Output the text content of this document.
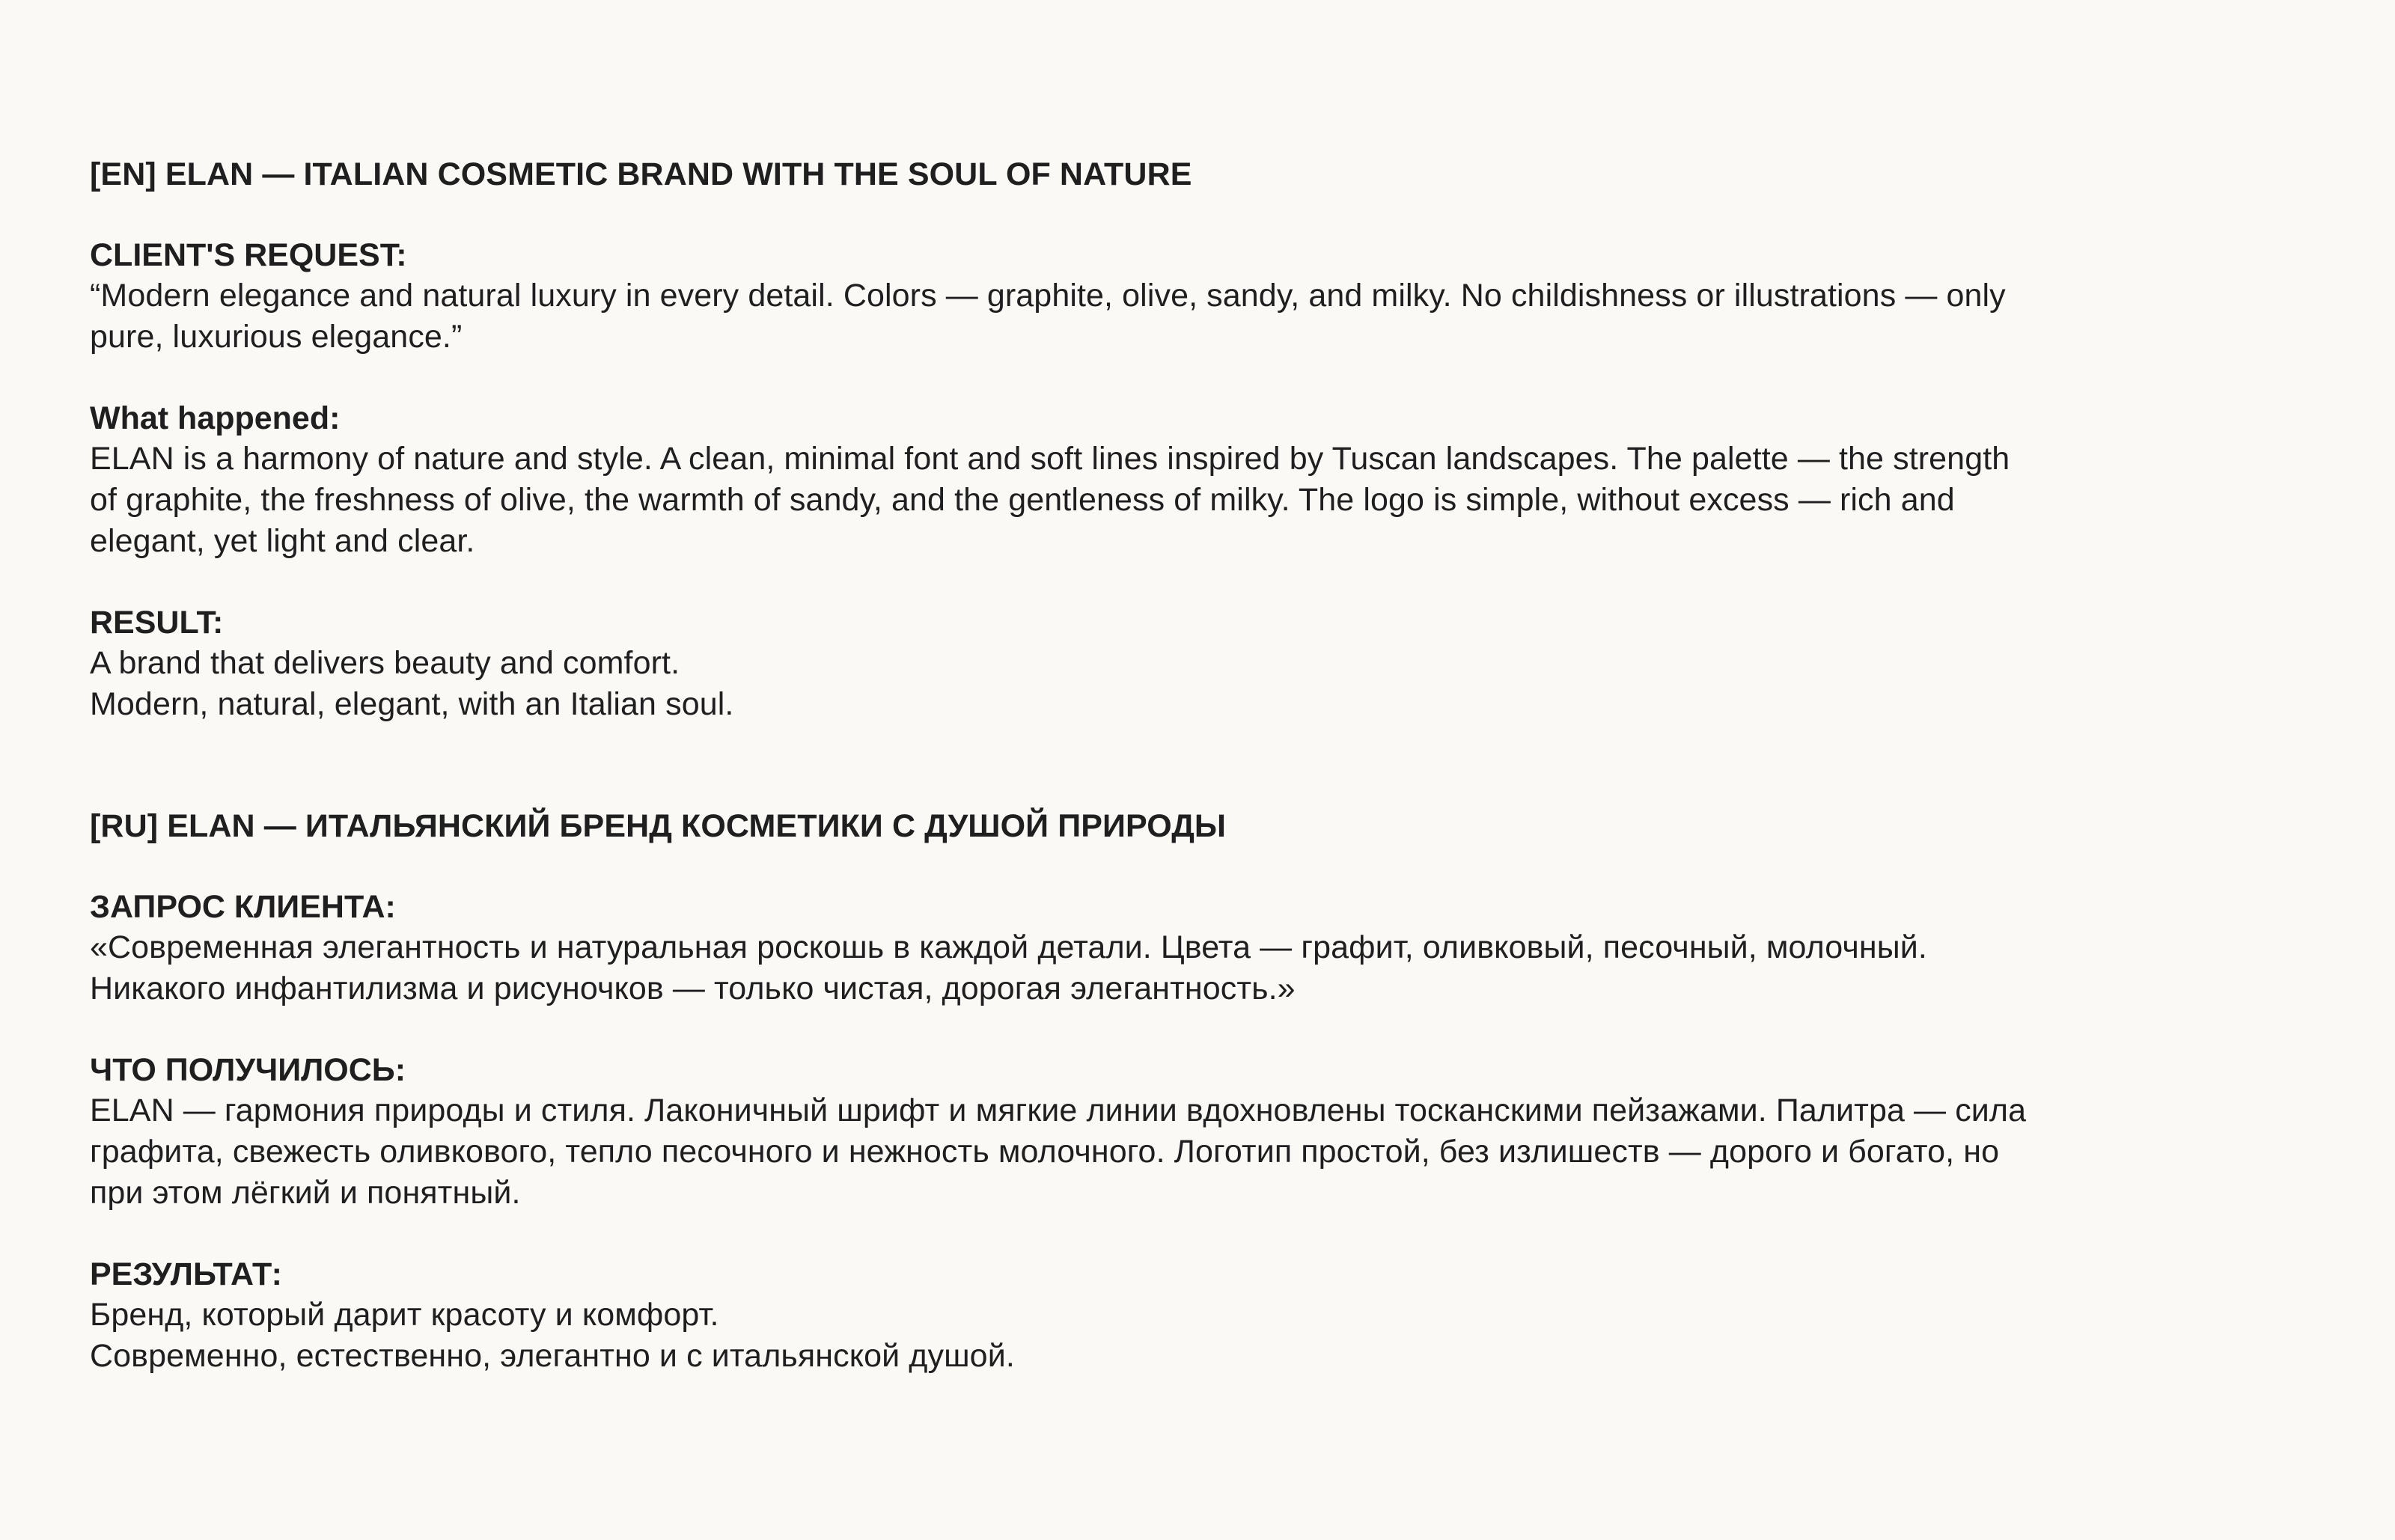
[EN] ELAN — ITALIAN COSMETIC BRAND WITH THE SOUL OF NATURE
CLIENT'S REQUEST:

“Modern elegance and natural luxury in every detail. Colors — graphite, olive, sandy, and milky. No childishness or illustrations — only

pure, luxurious elegance.”

What happened:

ELAN is a harmony of nature and style. A clean, minimal font and soft lines inspired by Tuscan landscapes. The palette — the strength

of graphite, the freshness of olive, the warmth of sandy, and the gentleness of milky. The logo is simple, without excess — rich and

elegant, yet light and clear.

RESULT:

A brand that delivers beauty and comfort.

Modern, natural, elegant, with an Italian soul.

[RU] ELAN — ИТАЛЬЯНСКИЙ БРЕНД КОСМЕТИКИ С ДУШОЙ ПРИРОДЫ
ЗАПРОС КЛИЕНТА:

«Современная элегантность и натуральная роскошь в каждой детали. Цвета — графит, оливковый, песочный, молочный.

Никакого инфантилизма и рисуночков — только чистая, дорогая элегантность.»

ЧТО ПОЛУЧИЛОСЬ:

ELAN — гармония природы и стиля. Лаконичный шрифт и мягкие линии вдохновлены тосканскими пейзажами. Палитра — сила

графита, свежесть оливкового, тепло песочного и нежность молочного. Логотип простой, без излишеств — дорого и богато, но

при этом лёгкий и понятный.

РЕЗУЛЬТАТ:

Бренд, который дарит красоту и комфорт.

Современно, естественно, элегантно и с итальянской душой.
